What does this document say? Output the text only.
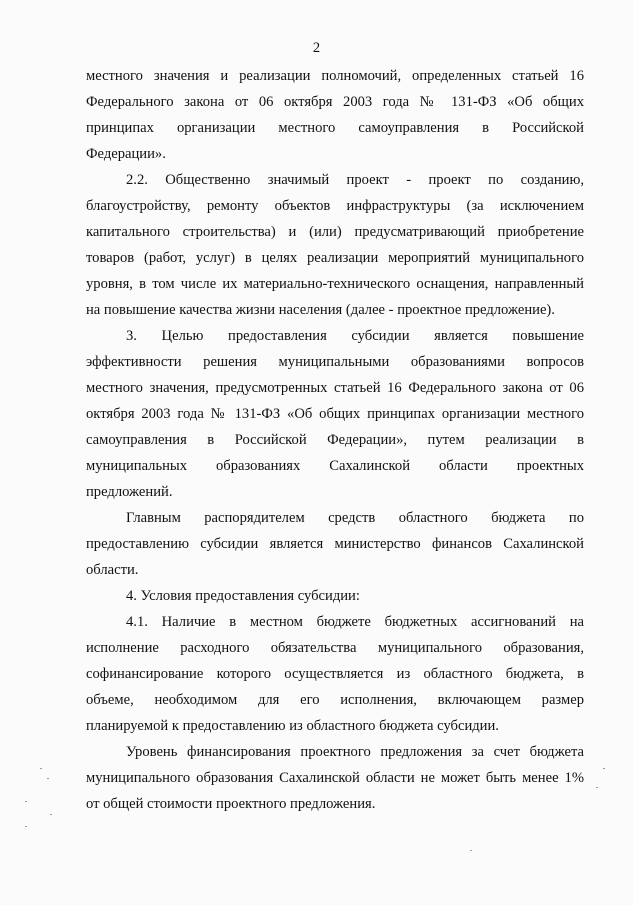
2
местного значения и реализации полномочий, определенных статьей 16
Федерального закона от 06 октября 2003 года № 131-ФЗ «Об общих
принципах организации местного самоуправления в Российской
Федерации».
2.2. Общественно значимый проект - проект по созданию,
благоустройству, ремонту объектов инфраструктуры (за исключением
капитального строительства) и (или) предусматривающий приобретение
товаров (работ, услуг) в целях реализации мероприятий муниципального
уровня, в том числе их материально-технического оснащения, направленный
на повышение качества жизни населения (далее - проектное предложение).
3. Целью предоставления субсидии является повышение
эффективности решения муниципальными образованиями вопросов
местного значения, предусмотренных статьей 16 Федерального закона от 06
октября 2003 года № 131-ФЗ «Об общих принципах организации местного
самоуправления в Российской Федерации», путем реализации в
муниципальных образованиях Сахалинской области проектных
предложений.
Главным распорядителем средств областного бюджета по
предоставлению субсидии является министерство финансов Сахалинской
области.
4. Условия предоставления субсидии:
4.1. Наличие в местном бюджете бюджетных ассигнований на
исполнение расходного обязательства муниципального образования,
софинансирование которого осуществляется из областного бюджета, в
объеме, необходимом для его исполнения, включающем размер
планируемой к предоставлению из областного бюджета субсидии.
Уровень финансирования проектного предложения за счет бюджета
муниципального образования Сахалинской области не может быть менее 1%
от общей стоимости проектного предложения.
